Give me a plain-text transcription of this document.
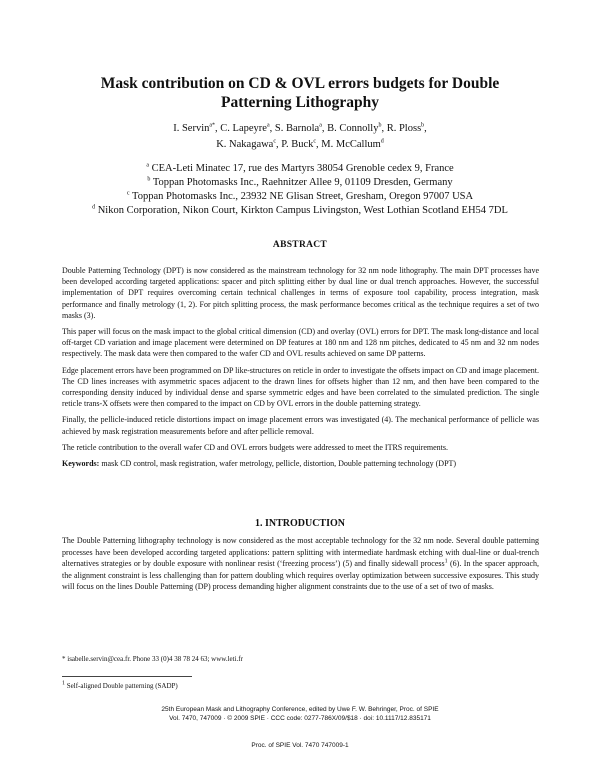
Mask contribution on CD & OVL errors budgets for Double
Patterning Lithography
I. Servin$^{a*}$, C. Lapeyre$^a$, S. Barnola$^a$, B. Connolly$^b$, R. Ploss$^b$,
K. Nakagawa$^c$, P. Buck$^c$, M. McCallum$^d$
$^a$ CEA-Leti Minatec 17, rue des Martyrs 38054 Grenoble cedex 9, France
$^b$ Toppan Photomasks Inc., Raehnitzer Allee 9, 01109 Dresden, Germany
$^c$ Toppan Photomasks Inc., 23932 NE Glisan Street, Gresham, Oregon 97007 USA
$^d$ Nikon Corporation, Nikon Court, Kirkton Campus Livingston, West Lothian Scotland EH54 7DL
ABSTRACT

Double Patterning Technology (DPT) is now considered as the mainstream technology for 32 nm node lithography. The main DPT processes have been developed according targeted applications: spacer and pitch splitting either by dual line or dual trench approaches. However, the successful implementation of DPT requires overcoming certain technical challenges in terms of exposure tool capability, process integration, mask performance and finally metrology (1, 2). For pitch splitting process, the mask performance becomes critical as the technique requires a set of two masks (3).

This paper will focus on the mask impact to the global critical dimension (CD) and overlay (OVL) errors for DPT. The mask long-distance and local off-target CD variation and image placement were determined on DP features at 180 nm and 128 nm pitches, dedicated to 45 nm and 32 nm nodes respectively. The mask data were then compared to the wafer CD and OVL results achieved on same DP patterns.

Edge placement errors have been programmed on DP like-structures on reticle in order to investigate the offsets impact on CD and image placement. The CD lines increases with asymmetric spaces adjacent to the drawn lines for offsets higher than 12 nm, and then have been compared to the corresponding density induced by individual dense and sparse symmetric edges and have been correlated to the simulated prediction. The single reticle trans-X offsets were then compared to the impact on CD by OVL errors in the double patterning strategy.

Finally, the pellicle-induced reticle distortions impact on image placement errors was investigated (4). The mechanical performance of pellicle was achieved by mask registration measurements before and after pellicle removal.

The reticle contribution to the overall wafer CD and OVL errors budgets were addressed to meet the ITRS requirements.

Keywords: mask CD control, mask registration, wafer metrology, pellicle, distortion, Double patterning technology (DPT)

1. INTRODUCTION

The Double Patterning lithography technology is now considered as the most acceptable technology for the 32 nm node. Several double patterning processes have been developed according targeted applications: pattern splitting with intermediate hardmask etching with dual-line or dual-trench alternatives strategies or by double exposure with nonlinear resist (‘freezing process’) (5) and finally sidewall process$^1$ (6). In the spacer approach, the alignment constraint is less challenging than for pattern doubling which requires overlay optimization between successive exposures. This study will focus on the lines Double Patterning (DP) process demanding higher alignment constraints due to the use of a set of two of masks.

* isabelle.servin@cea.fr. Phone 33 (0)4 38 78 24 63; www.leti.fr
$^1$ Self-aligned Double patterning (SADP)
25th European Mask and Lithography Conference, edited by Uwe F. W. Behringer, Proc. of SPIE
Vol. 7470, 747009 · © 2009 SPIE · CCC code: 0277-786X/09/$18 · doi: 10.1117/12.835171
Proc. of SPIE Vol. 7470 747009-1
